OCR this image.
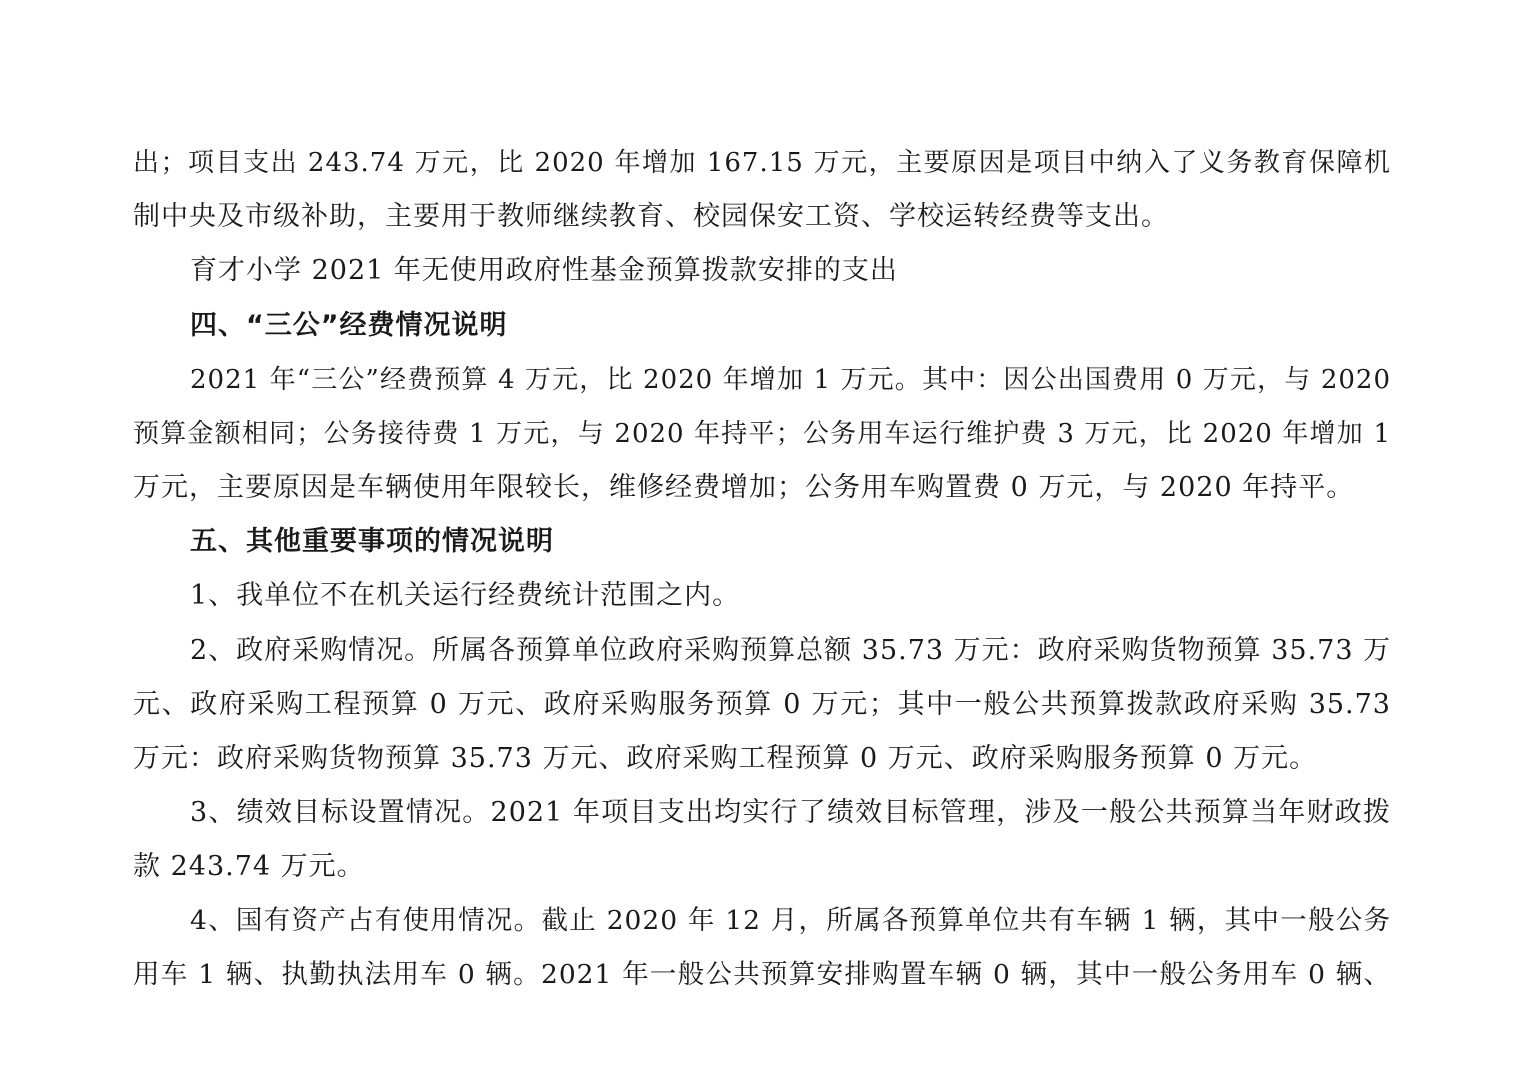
出；项目支出 243.74 万元，比 2020 年增加 167.15 万元，主要原因是项目中纳入了义务教育保障机
制中央及市级补助，主要用于教师继续教育、校园保安工资、学校运转经费等支出。
育才小学 2021 年无使用政府性基金预算拨款安排的支出
四、“三公”经费情况说明
2021 年“三公”经费预算 4 万元，比 2020 年增加 1 万元。其中：因公出国费用 0 万元，与 2020
预算金额相同；公务接待费 1 万元，与 2020 年持平；公务用车运行维护费 3 万元，比 2020 年增加 1
万元，主要原因是车辆使用年限较长，维修经费增加；公务用车购置费 0 万元，与 2020 年持平。
五、其他重要事项的情况说明
1、我单位不在机关运行经费统计范围之内。
2、政府采购情况。所属各预算单位政府采购预算总额 35.73 万元：政府采购货物预算 35.73 万
元、政府采购工程预算 0 万元、政府采购服务预算 0 万元；其中一般公共预算拨款政府采购 35.73
万元：政府采购货物预算 35.73 万元、政府采购工程预算 0 万元、政府采购服务预算 0 万元。
3、绩效目标设置情况。2021 年项目支出均实行了绩效目标管理，涉及一般公共预算当年财政拨
款 243.74 万元。
4、国有资产占有使用情况。截止 2020 年 12 月，所属各预算单位共有车辆 1 辆，其中一般公务
用车 1 辆、执勤执法用车 0 辆。2021 年一般公共预算安排购置车辆 0 辆，其中一般公务用车 0 辆、
